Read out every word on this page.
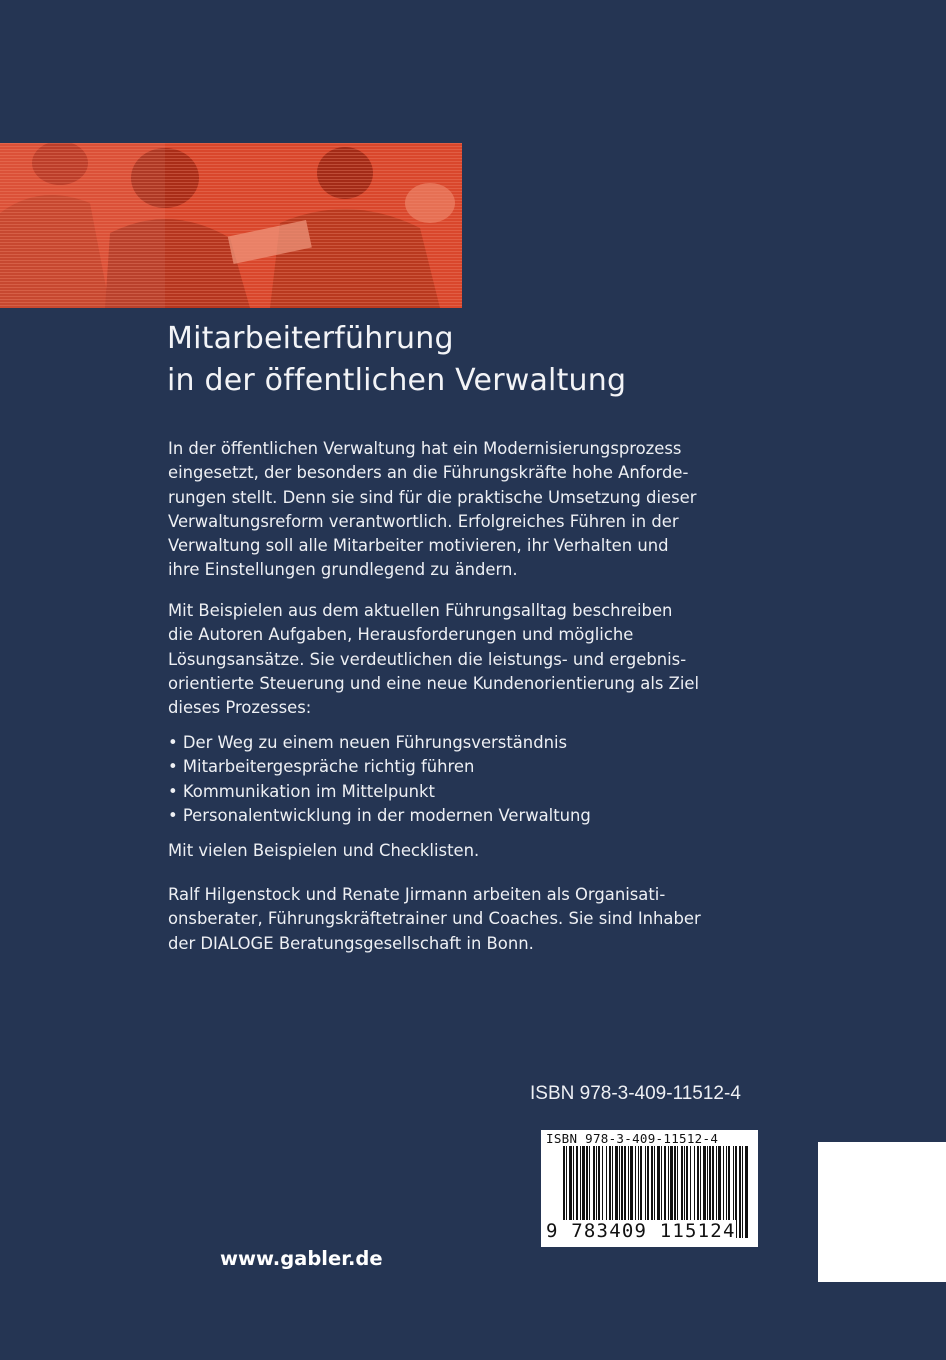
Mitarbeiterführung
in der öffentlichen Verwaltung

In der öffentlichen Verwaltung hat ein Modernisierungsprozess

eingesetzt, der besonders an die Führungskräfte hohe Anforde-

rungen stellt. Denn sie sind für die praktische Umsetzung dieser

Verwaltungsreform verantwortlich. Erfolgreiches Führen in der

Verwaltung soll alle Mitarbeiter motivieren, ihr Verhalten und

ihre Einstellungen grundlegend zu ändern.

Mit Beispielen aus dem aktuellen Führungsalltag beschreiben

die Autoren Aufgaben, Herausforderungen und mögliche

Lösungsansätze. Sie verdeutlichen die leistungs- und ergebnis-

orientierte Steuerung und eine neue Kundenorientierung als Ziel

dieses Prozesses:

• Der Weg zu einem neuen Führungsverständnis
• Mitarbeitergespräche richtig führen
• Kommunikation im Mittelpunkt
• Personalentwicklung in der modernen Verwaltung
Mit vielen Beispielen und Checklisten.

Ralf Hilgenstock und Renate Jirmann arbeiten als Organisati-

onsberater, Führungskräftetrainer und Coaches. Sie sind Inhaber

der DIALOGE Beratungsgesellschaft in Bonn.

ISBN 978-3-409-11512-4
ISBN 978-3-409-11512-4
9 783409 115124
www.gabler.de
